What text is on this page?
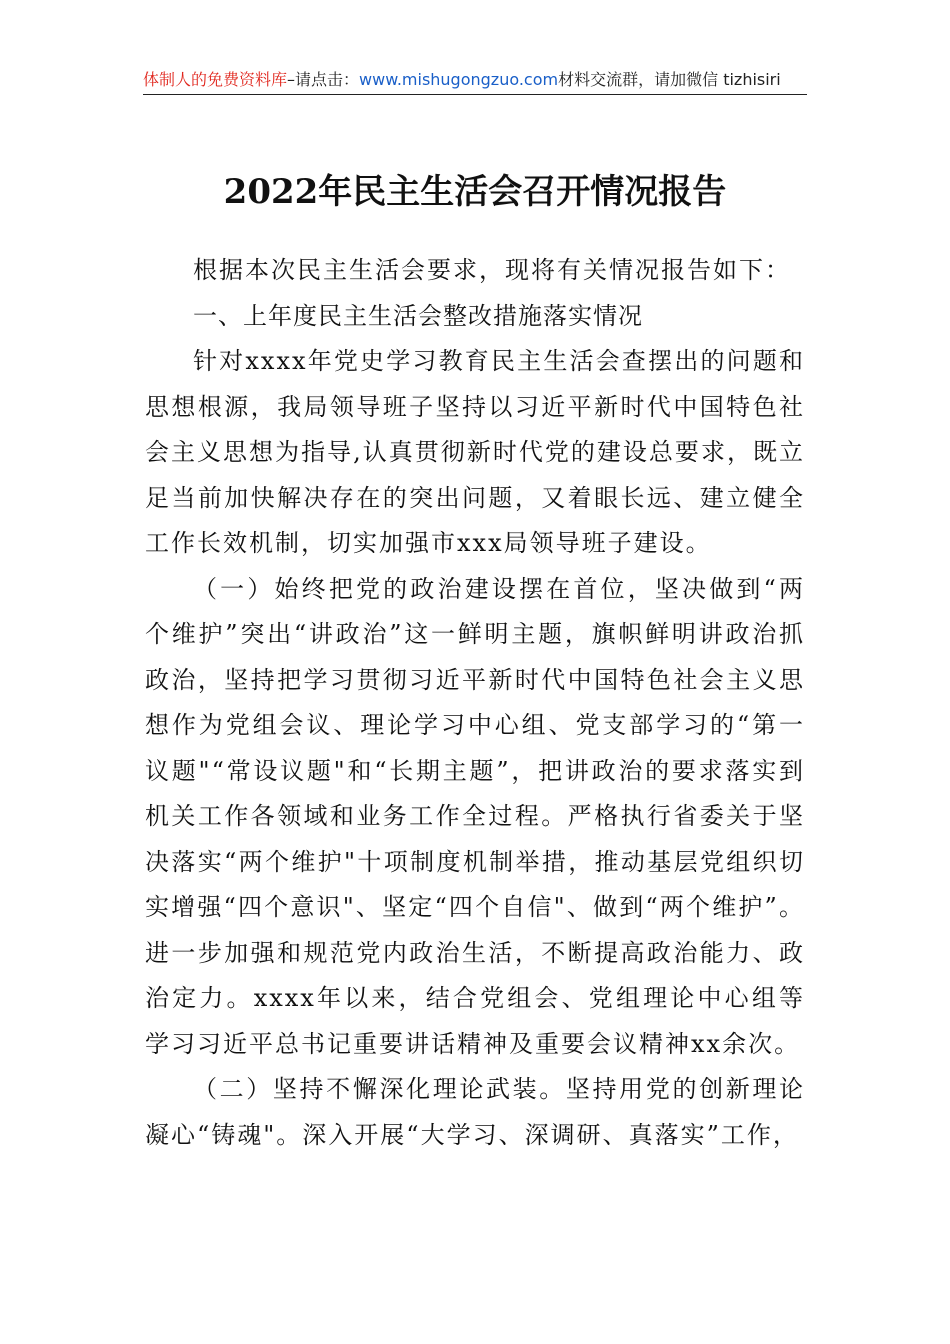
体制人的免费资料库–请点击：www.mishugongzuo.com材料交流群，请加微信 tizhisiri
2022年民主生活会召开情况报告

根据本次民主生活会要求，现将有关情况报告如下：

一、上年度民主生活会整改措施落实情况

针对xxxx年党史学习教育民主生活会查摆出的问题和思想根源，我局领导班子坚持以习近平新时代中国特色社会主义思想为指导,认真贯彻新时代党的建设总要求，既立足当前加快解决存在的突出问题，又着眼长远、建立健全工作长效机制，切实加强市xxx局领导班子建设。

（一）始终把党的政治建设摆在首位，坚决做到“两个维护”突出“讲政治”这一鲜明主题，旗帜鲜明讲政治抓政治，坚持把学习贯彻习近平新时代中国特色社会主义思想作为党组会议、理论学习中心组、党支部学习的“第一议题"“常设议题"和“长期主题”，把讲政治的要求落实到机关工作各领域和业务工作全过程。严格执行省委关于坚决落实“两个维护"十项制度机制举措，推动基层党组织切实增强“四个意识"、坚定“四个自信"、做到“两个维护”。进一步加强和规范党内政治生活，不断提高政治能力、政治定力。xxxx年以来，结合党组会、党组理论中心组等学习习近平总书记重要讲话精神及重要会议精神xx余次。

（二）坚持不懈深化理论武装。坚持用党的创新理论凝心“铸魂"。深入开展“大学习、深调研、真落实”工作，
